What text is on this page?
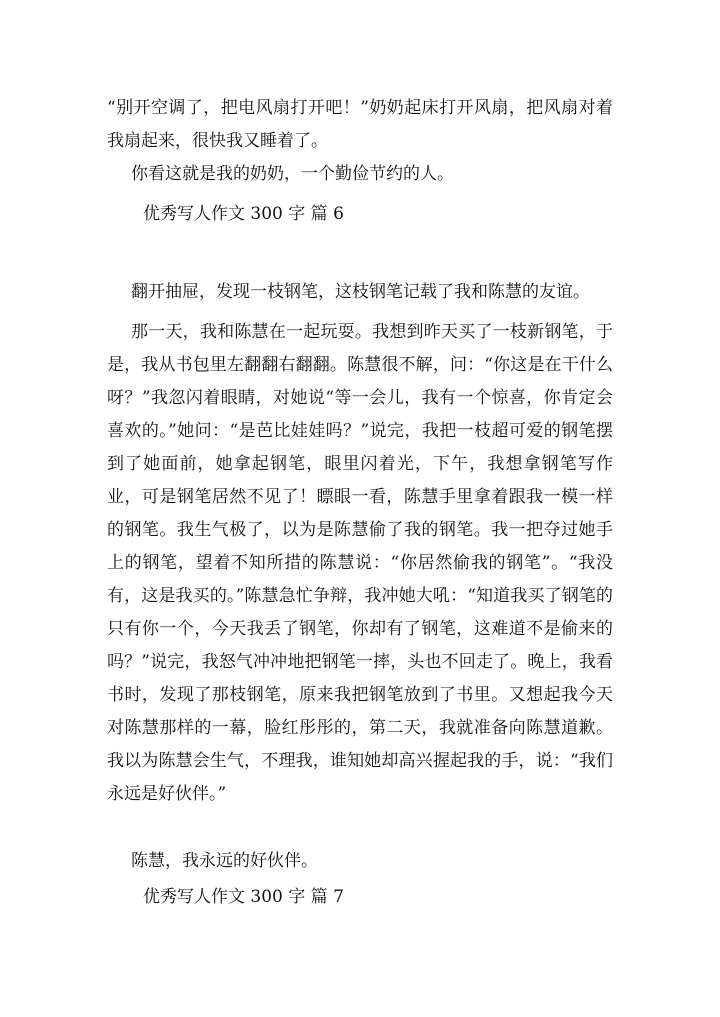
“别开空调了，把电风扇打开吧！”奶奶起床打开风扇，把风扇对着我扇起来，很快我又睡着了。

你看这就是我的奶奶，一个勤俭节约的人。

优秀写人作文 300 字 篇 6

翻开抽屉，发现一枝钢笔，这枝钢笔记载了我和陈慧的友谊。

那一天，我和陈慧在一起玩耍。我想到昨天买了一枝新钢笔，于是，我从书包里左翻翻右翻翻。陈慧很不解，问：“你这是在干什么呀？”我忽闪着眼睛，对她说“等一会儿，我有一个惊喜，你肯定会喜欢的。”她问：“是芭比娃娃吗？”说完，我把一枝超可爱的钢笔摆到了她面前，她拿起钢笔，眼里闪着光，下午，我想拿钢笔写作业，可是钢笔居然不见了！瞟眼一看，陈慧手里拿着跟我一模一样的钢笔。我生气极了，以为是陈慧偷了我的钢笔。我一把夺过她手上的钢笔，望着不知所措的陈慧说：“你居然偷我的钢笔”。“我没有，这是我买的。”陈慧急忙争辩，我冲她大吼：“知道我买了钢笔的只有你一个，今天我丢了钢笔，你却有了钢笔，这难道不是偷来的吗？”说完，我怒气冲冲地把钢笔一摔，头也不回走了。晚上，我看书时，发现了那枝钢笔，原来我把钢笔放到了书里。又想起我今天对陈慧那样的一幕，脸红彤彤的，第二天，我就准备向陈慧道歉。我以为陈慧会生气，不理我，谁知她却高兴握起我的手，说：“我们永远是好伙伴。”

陈慧，我永远的好伙伴。

优秀写人作文 300 字 篇 7
